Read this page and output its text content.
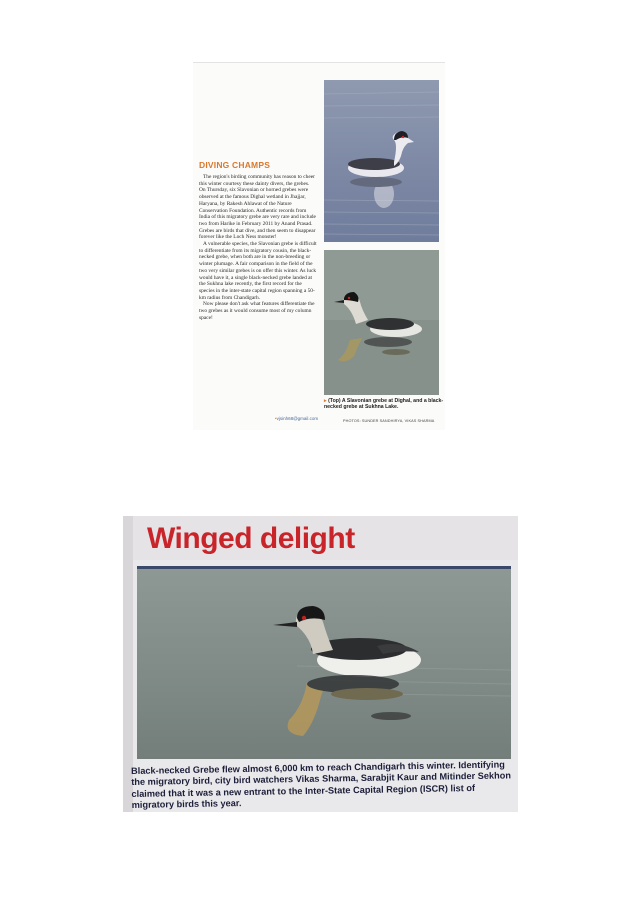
DIVING CHAMPS

The region's birding community has reason to cheer this winter courtesy these dainty divers, the grebes. On Thursday, six Slavonian or horned grebes were observed at the famous Dighal wetland in Jhajjar, Haryana, by Rakesh Ahlawat of the Nature Conservation Foundation. Authentic records from India of this migratory grebe are very rare and include two from Harike in February 2011 by Anand Prasad. Grebes are birds that dive, and then seem to disappear forever like the Loch Ness monster!

A vulnerable species, the Slavonian grebe is difficult to differentiate from its migratory cousin, the black-necked grebe, when both are in the non-breeding or winter plumage. A fair comparison in the field of the two very similar grebes is on offer this winter. As luck would have it, a single black-necked grebe landed at the Sukhna lake recently, the first record for the species in the inter-state capital region spanning a 50-km radius from Chandigarh.

Now please don't ask what features differentiate the two grebes as it would consume most of my column space!

•vjsinh68@gmail.com
▸ (Top) A Slavonian grebe at Dighal, and a black-necked grebe at Sukhna Lake.
PHOTOS: SUNDER SANDHIRYA, VIKAS SHARMA
Winged delight
Black-necked Grebe flew almost 6,000 km to reach Chandigarh this winter. Identifying the migratory bird, city bird watchers Vikas Sharma, Sarabjit Kaur and Mitinder Sekhon claimed that it was a new entrant to the Inter-State Capital Region (ISCR) list of migratory birds this year.
